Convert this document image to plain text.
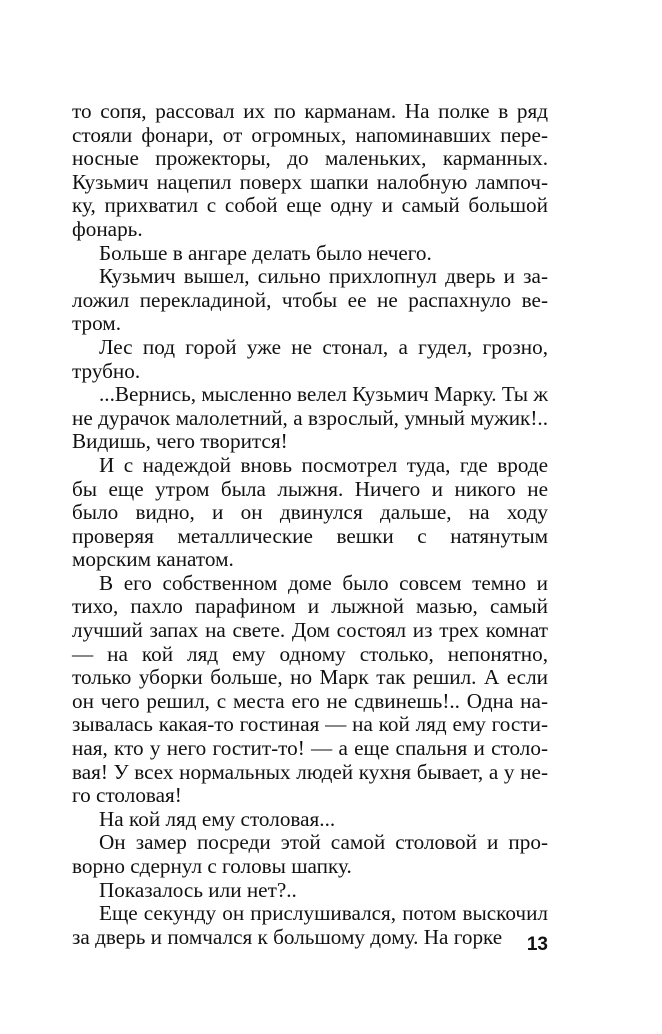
то сопя, рассовал их по карманам. На полке в ряд стояли фонари, от огромных, напоминавших переносные прожекторы, до маленьких, карманных. Кузьмич нацепил поверх шапки налобную лампочку, прихватил с собой еще одну и самый большой фонарь.

Больше в ангаре делать было нечего.

Кузьмич вышел, сильно прихлопнул дверь и заложил перекладиной, чтобы ее не распахнуло ветром.

Лес под горой уже не стонал, а гудел, грозно, трубно.

...Вернись, мысленно велел Кузьмич Марку. Ты ж не дурачок малолетний, а взрослый, умный мужик!.. Видишь, чего творится!

И с надеждой вновь посмотрел туда, где вроде бы еще утром была лыжня. Ничего и никого не было видно, и он двинулся дальше, на ходу проверяя металлические вешки с натянутым морским канатом.

В его собственном доме было совсем темно и тихо, пахло парафином и лыжной мазью, самый лучший запах на свете. Дом состоял из трех комнат — на кой ляд ему одному столько, непонятно, только уборки больше, но Марк так решил. А если он чего решил, с места его не сдвинешь!.. Одна называлась какая-то гостиная — на кой ляд ему гостиная, кто у него гостит-то! — а еще спальня и столовая! У всех нормальных людей кухня бывает, а у него столовая!

На кой ляд ему столовая...

Он замер посреди этой самой столовой и проворно сдернул с головы шапку.

Показалось или нет?..

Еще секунду он прислушивался, потом выскочил за дверь и помчался к большому дому. На горке	13
